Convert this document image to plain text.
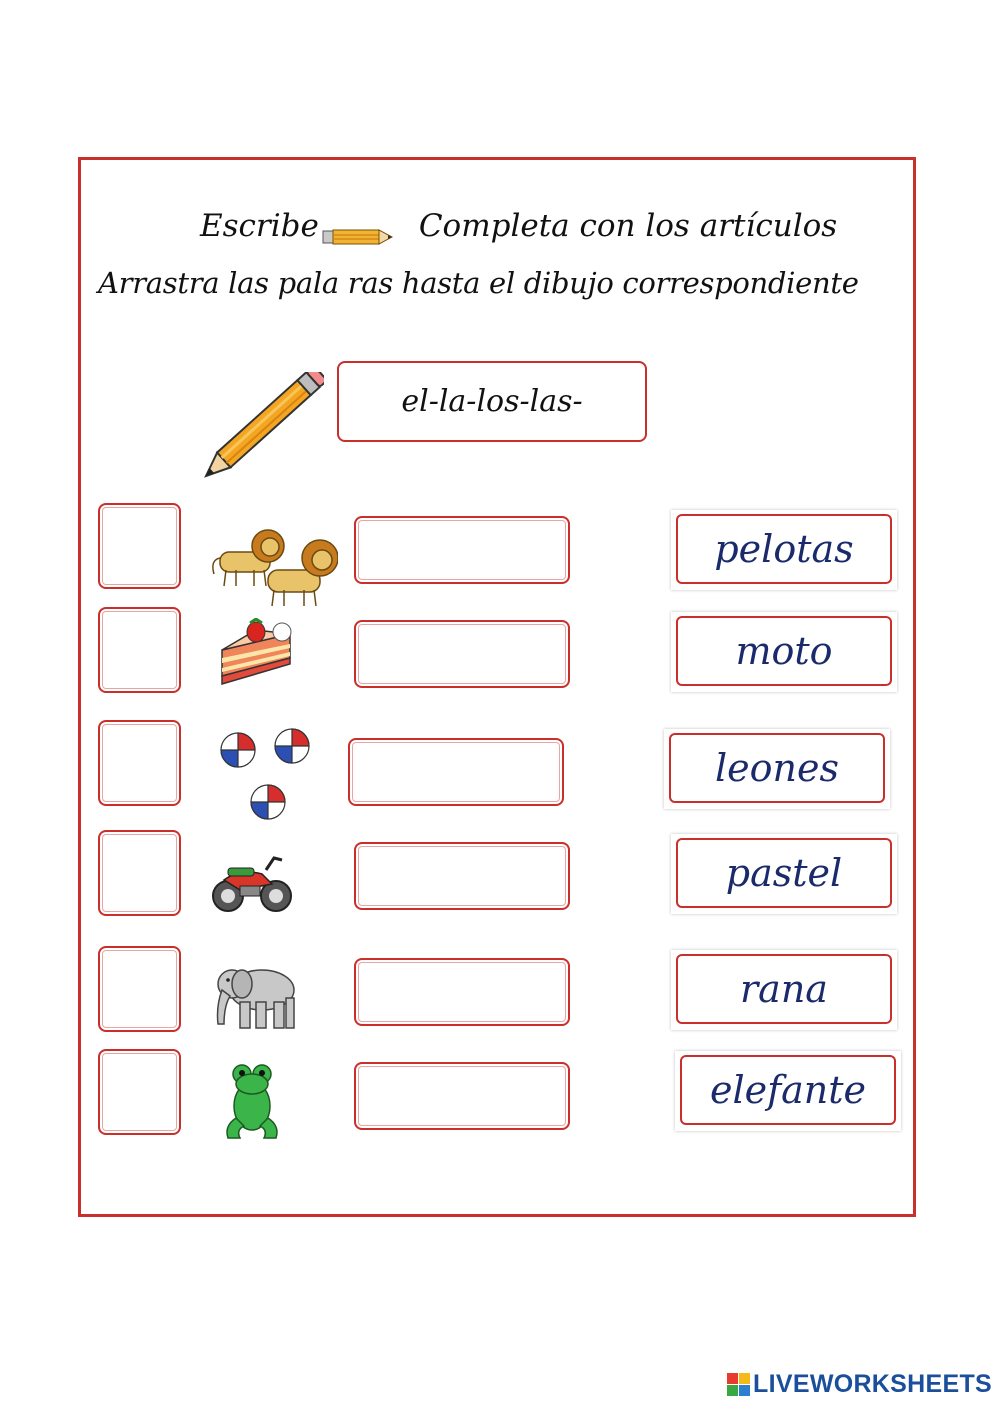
Escribe	Completa con los artículos
Arrastra las pala ras hasta el dibujo correspondiente
el-la-los-las-
pelotas
moto
leones
pastel
rana
elefante
LIVEWORKSHEETS
